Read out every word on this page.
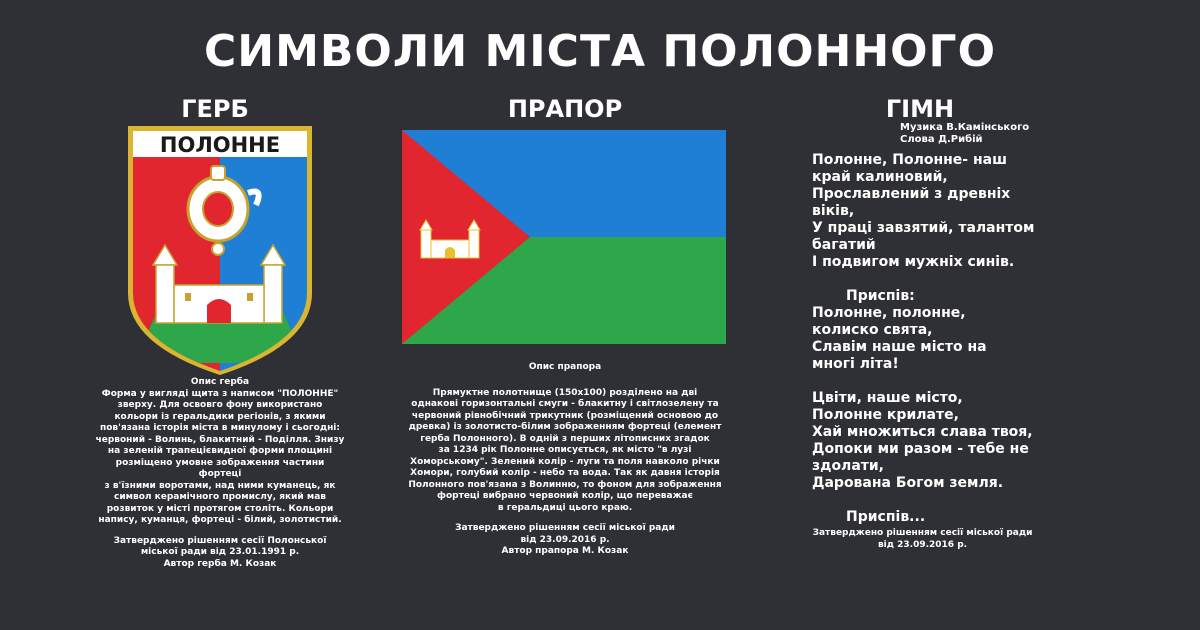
СИМВОЛИ МІСТА ПОЛОННОГО
ГЕРБ
ПОЛОННЕ

Опис герба

Форма у вигляді щита з написом "ПОЛОННЕ"

зверху. Для освовго фону використано

кольори із геральдики регіонів, з якими

пов'язана історія міста в минулому і сьогодні:

червоний - Волинь, блакитний - Поділля. Знизу

на зеленій трапецієвидної форми площині

розміщено умовне зображення частини фортеці

з в'їзними воротами, над ними куманець, як

символ керамічного промислу, який мав

розвиток у місті протягом століть. Кольори

напису, куманця, фортеці - білий, золотистий.

Затверджено рішенням сесії Полонської

міської ради від 23.01.1991 р.

Автор герба М. Козак

ПРАПОР

Опис прапора

Прямуктне полотнище (150х100) розділено на дві

однакові горизонтальні смуги - блакитну і світлозелену та

червоний рівнобічний трикутник (розміщений основою до

древка) із золотисто-білим зображенням фортеці (елемент

герба Полонного). В одній з перших літописних згадок

за 1234 рік Полонне описується, як місто "в лузі

Хоморському". Зелений колір - луги та поля навколо річки

Хомори, голубий колір - небо та вода. Так як давня історія

Полонного пов'язана з Волинню, то фоном для зображення

фортеці вибрано червоний колір, що переважає

в геральдиці цього краю.

Затверджено рішенням сесії міської ради

від 23.09.2016 р.

Автор прапора М. Козак

ГІМН
Музика В.Камінського
Слова Д.Рибій
Полонне, Полонне- наш
край калиновий,
Прославлений з древніх
віків,
У праці завзятий, талантом
багатий
І подвигом мужніх синів.

Приспів:
Полонне, полонне,
колиско свята,
Славім наше місто на
многі літа!

Цвіти, наше місто,
Полонне крилате,
Хай множиться слава твоя,
Допоки ми разом - тебе не
здолати,
Дарована Богом земля.

Приспів...

Затверджено рішенням сесії міської ради

від 23.09.2016 р.
